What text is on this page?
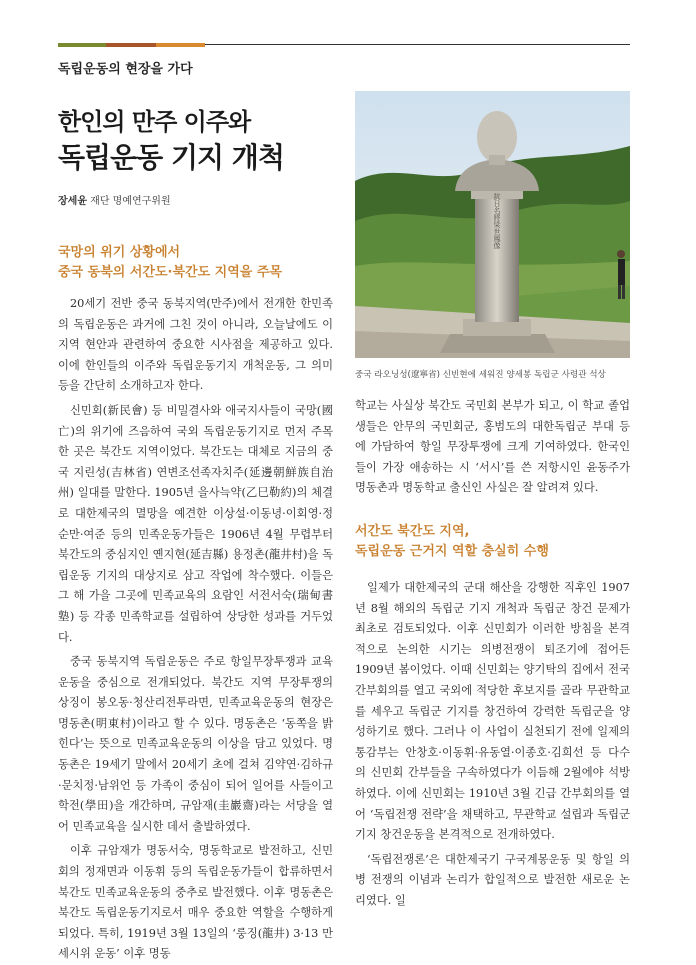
독립운동의 현장을 가다
한인의 만주 이주와
독립운동 기지 개척
장세윤 재단 명예연구위원
국망의 위기 상황에서
중국 동북의 서간도·북간도 지역을 주목

20세기 전반 중국 동북지역(만주)에서 전개한 한민족의 독립운동은 과거에 그친 것이 아니라, 오늘날에도 이 지역 현안과 관련하여 중요한 시사점을 제공하고 있다. 이에 한인들의 이주와 독립운동기지 개척운동, 그 의미 등을 간단히 소개하고자 한다.

신민회(新民會) 등 비밀결사와 애국지사들이 국망(國亡)의 위기에 즈음하여 국외 독립운동기지로 먼저 주목한 곳은 북간도 지역이었다. 북간도는 대체로 지금의 중국 지린성(吉林省) 연변조선족자치주(延邊朝鮮族自治州) 일대를 말한다. 1905년 을사늑약(乙巳勒約)의 체결로 대한제국의 멸망을 예견한 이상설·이동녕·이회영·정순만·여준 등의 민족운동가들은 1906년 4월 무렵부터 북간도의 중심지인 옌지현(延吉縣) 용정촌(龍井村)을 독립운동 기지의 대상지로 삼고 작업에 착수했다. 이들은 그 해 가을 그곳에 민족교육의 요람인 서전서숙(瑞甸書塾) 등 각종 민족학교를 설립하여 상당한 성과를 거두었다.

중국 동북지역 독립운동은 주로 항일무장투쟁과 교육운동을 중심으로 전개되었다. 북간도 지역 무장투쟁의 상징이 봉오동·청산리전투라면, 민족교육운동의 현장은 명동촌(明東村)이라고 할 수 있다. 명동촌은 ‘동쪽을 밝힌다’는 뜻으로 민족교육운동의 이상을 담고 있었다. 명동촌은 19세기 말에서 20세기 초에 걸쳐 김약연·김하규·문치정·남위언 등 가족이 중심이 되어 일어를 사들이고 학전(學田)을 개간하며, 규암재(圭巖齋)라는 서당을 열어 민족교육을 실시한 데서 출발하였다.

이후 규암재가 명동서숙, 명동학교로 발전하고, 신민회의 정재면과 이동휘 등의 독립운동가들이 합류하면서 북간도 민족교육운동의 중추로 발전했다. 이후 명동촌은 북간도 독립운동기지로서 매우 중요한 역할을 수행하게 되었다. 특히, 1919년 3월 13일의 ‘룽징(龍井) 3·13 만세시위 운동’ 이후 명동

抗日名將梁世鳳像
중국 라오닝성(遼寧省) 신빈현에 세워진 양세봉 독립군 사령관 석상

학교는 사실상 북간도 국민회 본부가 되고, 이 학교 졸업생들은 안무의 국민회군, 홍범도의 대한독립군 부대 등에 가담하여 항일 무장투쟁에 크게 기여하였다. 한국인들이 가장 애송하는 시 ‘서시’를 쓴 저항시인 윤동주가 명동촌과 명동학교 출신인 사실은 잘 알려져 있다.

서간도 북간도 지역,
독립운동 근거지 역할 충실히 수행

일제가 대한제국의 군대 해산을 강행한 직후인 1907년 8월 해외의 독립군 기지 개척과 독립군 창건 문제가 최초로 검토되었다. 이후 신민회가 이러한 방침을 본격적으로 논의한 시기는 의병전쟁이 퇴조기에 접어든 1909년 봄이었다. 이때 신민회는 양기탁의 집에서 전국 간부회의를 열고 국외에 적당한 후보지를 골라 무관학교를 세우고 독립군 기지를 창건하여 강력한 독립군을 양성하기로 했다. 그러나 이 사업이 실천되기 전에 일제의 통감부는 안창호·이동휘·유동열·이종호·김희선 등 다수의 신민회 간부들을 구속하였다가 이듬해 2월에야 석방하였다. 이에 신민회는 1910년 3월 긴급 간부회의를 열어 ‘독립전쟁 전략’을 채택하고, 무관학교 설립과 독립군 기지 창건운동을 본격적으로 전개하였다.

‘독립전쟁론’은 대한제국기 구국계몽운동 및 항일 의병 전쟁의 이념과 논리가 합일적으로 발전한 새로운 논리였다. 일
